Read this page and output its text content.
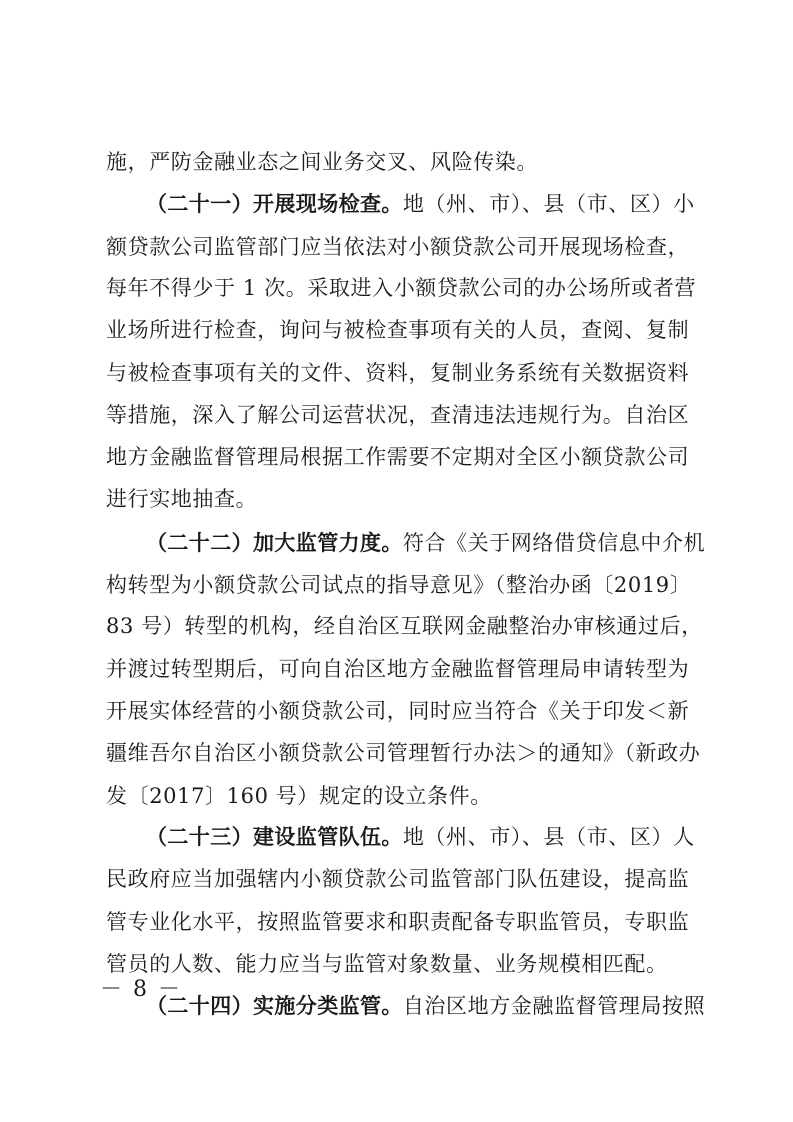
施，严防金融业态之间业务交叉、风险传染。
（二十一）开展现场检查。地（州、市）、县（市、区）小
额贷款公司监管部门应当依法对小额贷款公司开展现场检查，
每年不得少于 1 次。采取进入小额贷款公司的办公场所或者营
业场所进行检查，询问与被检查事项有关的人员，查阅、复制
与被检查事项有关的文件、资料，复制业务系统有关数据资料
等措施，深入了解公司运营状况，查清违法违规行为。自治区
地方金融监督管理局根据工作需要不定期对全区小额贷款公司
进行实地抽查。
（二十二）加大监管力度。符合《关于网络借贷信息中介机
构转型为小额贷款公司试点的指导意见》（整治办函〔2019〕
83 号）转型的机构，经自治区互联网金融整治办审核通过后，
并渡过转型期后，可向自治区地方金融监督管理局申请转型为
开展实体经营的小额贷款公司，同时应当符合《关于印发＜新
疆维吾尔自治区小额贷款公司管理暂行办法＞的通知》（新政办
发〔2017〕160 号）规定的设立条件。
（二十三）建设监管队伍。地（州、市）、县（市、区）人
民政府应当加强辖内小额贷款公司监管部门队伍建设，提高监
管专业化水平，按照监管要求和职责配备专职监管员，专职监
管员的人数、能力应当与监管对象数量、业务规模相匹配。
（二十四）实施分类监管。自治区地方金融监督管理局按照
－ 8 －
